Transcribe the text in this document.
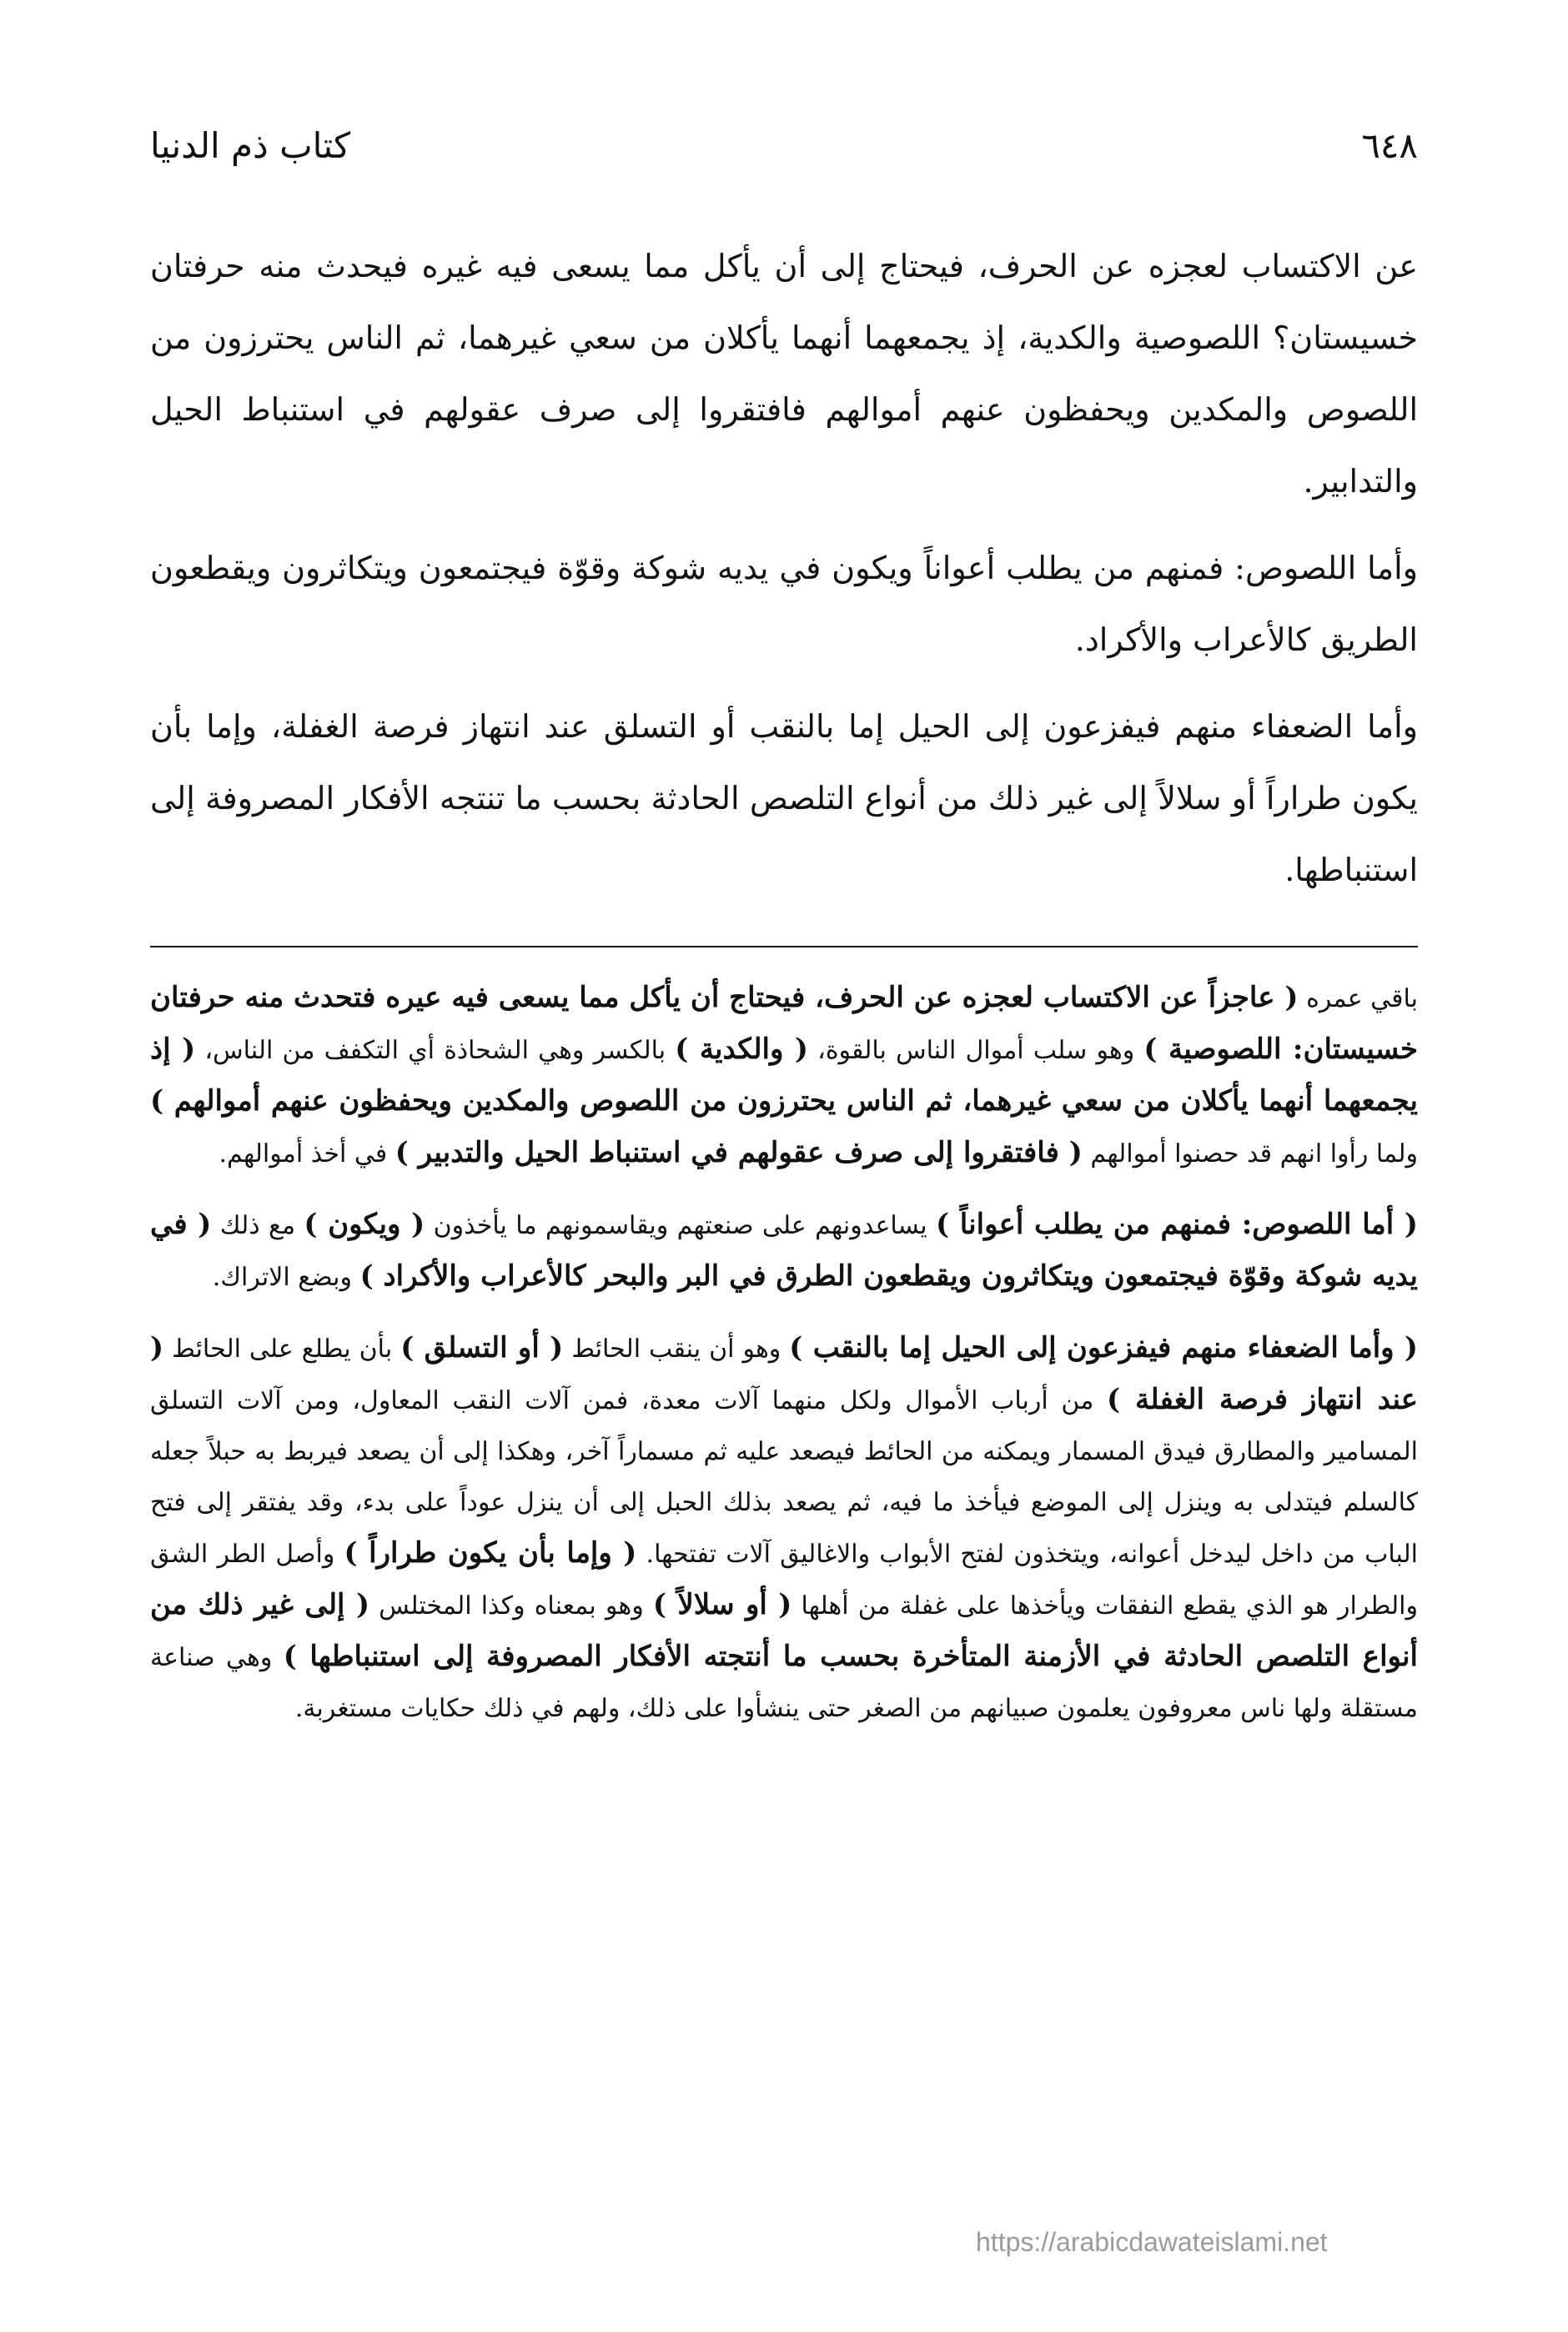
٦٤٨
كتاب ذم الدنيا

عن الاكتساب لعجزه عن الحرف، فيحتاج إلى أن يأكل مما يسعى فيه غيره فيحدث منه حرفتان خسيستان؟ اللصوصية والكدية، إذ يجمعهما أنهما يأكلان من سعي غيرهما، ثم الناس يحترزون من اللصوص والمكدين ويحفظون عنهم أموالهم فافتقروا إلى صرف عقولهم في استنباط الحيل والتدابير.

وأما اللصوص: فمنهم من يطلب أعواناً ويكون في يديه شوكة وقوّة فيجتمعون ويتكاثرون ويقطعون الطريق كالأعراب والأكراد.

وأما الضعفاء منهم فيفزعون إلى الحيل إما بالنقب أو التسلق عند انتهاز فرصة الغفلة، وإما بأن يكون طراراً أو سلالاً إلى غير ذلك من أنواع التلصص الحادثة بحسب ما تنتجه الأفكار المصروفة إلى استنباطها.

باقي عمره ( عاجزاً عن الاكتساب لعجزه عن الحرف، فيحتاج أن يأكل مما يسعى فيه عيره فتحدث منه حرفتان خسيستان: اللصوصية ) وهو سلب أموال الناس بالقوة، ( والكدية ) بالكسر وهي الشحاذة أي التكفف من الناس، ( إذ يجمعهما أنهما يأكلان من سعي غيرهما، ثم الناس يحترزون من اللصوص والمكدين ويحفظون عنهم أموالهم ) ولما رأوا انهم قد حصنوا أموالهم ( فافتقروا إلى صرف عقولهم في استنباط الحيل والتدبير ) في أخذ أموالهم.

( أما اللصوص: فمنهم من يطلب أعواناً ) يساعدونهم على صنعتهم ويقاسمونهم ما يأخذون ( ويكون ) مع ذلك ( في يديه شوكة وقوّة فيجتمعون ويتكاثرون ويقطعون الطرق في البر والبحر كالأعراب والأكراد ) وبضع الاتراك.

( وأما الضعفاء منهم فيفزعون إلى الحيل إما بالنقب ) وهو أن ينقب الحائط ( أو التسلق ) بأن يطلع على الحائط ( عند انتهاز فرصة الغفلة ) من أرباب الأموال ولكل منهما آلات معدة، فمن آلات النقب المعاول، ومن آلات التسلق المسامير والمطارق فيدق المسمار ويمكنه من الحائط فيصعد عليه ثم مسماراً آخر، وهكذا إلى أن يصعد فيربط به حبلاً جعله كالسلم فيتدلى به وينزل إلى الموضع فيأخذ ما فيه، ثم يصعد بذلك الحبل إلى أن ينزل عوداً على بدء، وقد يفتقر إلى فتح الباب من داخل ليدخل أعوانه، ويتخذون لفتح الأبواب والاغاليق آلات تفتحها. ( وإما بأن يكون طراراً ) وأصل الطر الشق والطرار هو الذي يقطع النفقات ويأخذها على غفلة من أهلها ( أو سلالاً ) وهو بمعناه وكذا المختلس ( إلى غير ذلك من أنواع التلصص الحادثة في الأزمنة المتأخرة بحسب ما أنتجته الأفكار المصروفة إلى استنباطها ) وهي صناعة مستقلة ولها ناس معروفون يعلمون صبيانهم من الصغر حتى ينشأوا على ذلك، ولهم في ذلك حكايات مستغربة.

https://arabicdawateislami.net
